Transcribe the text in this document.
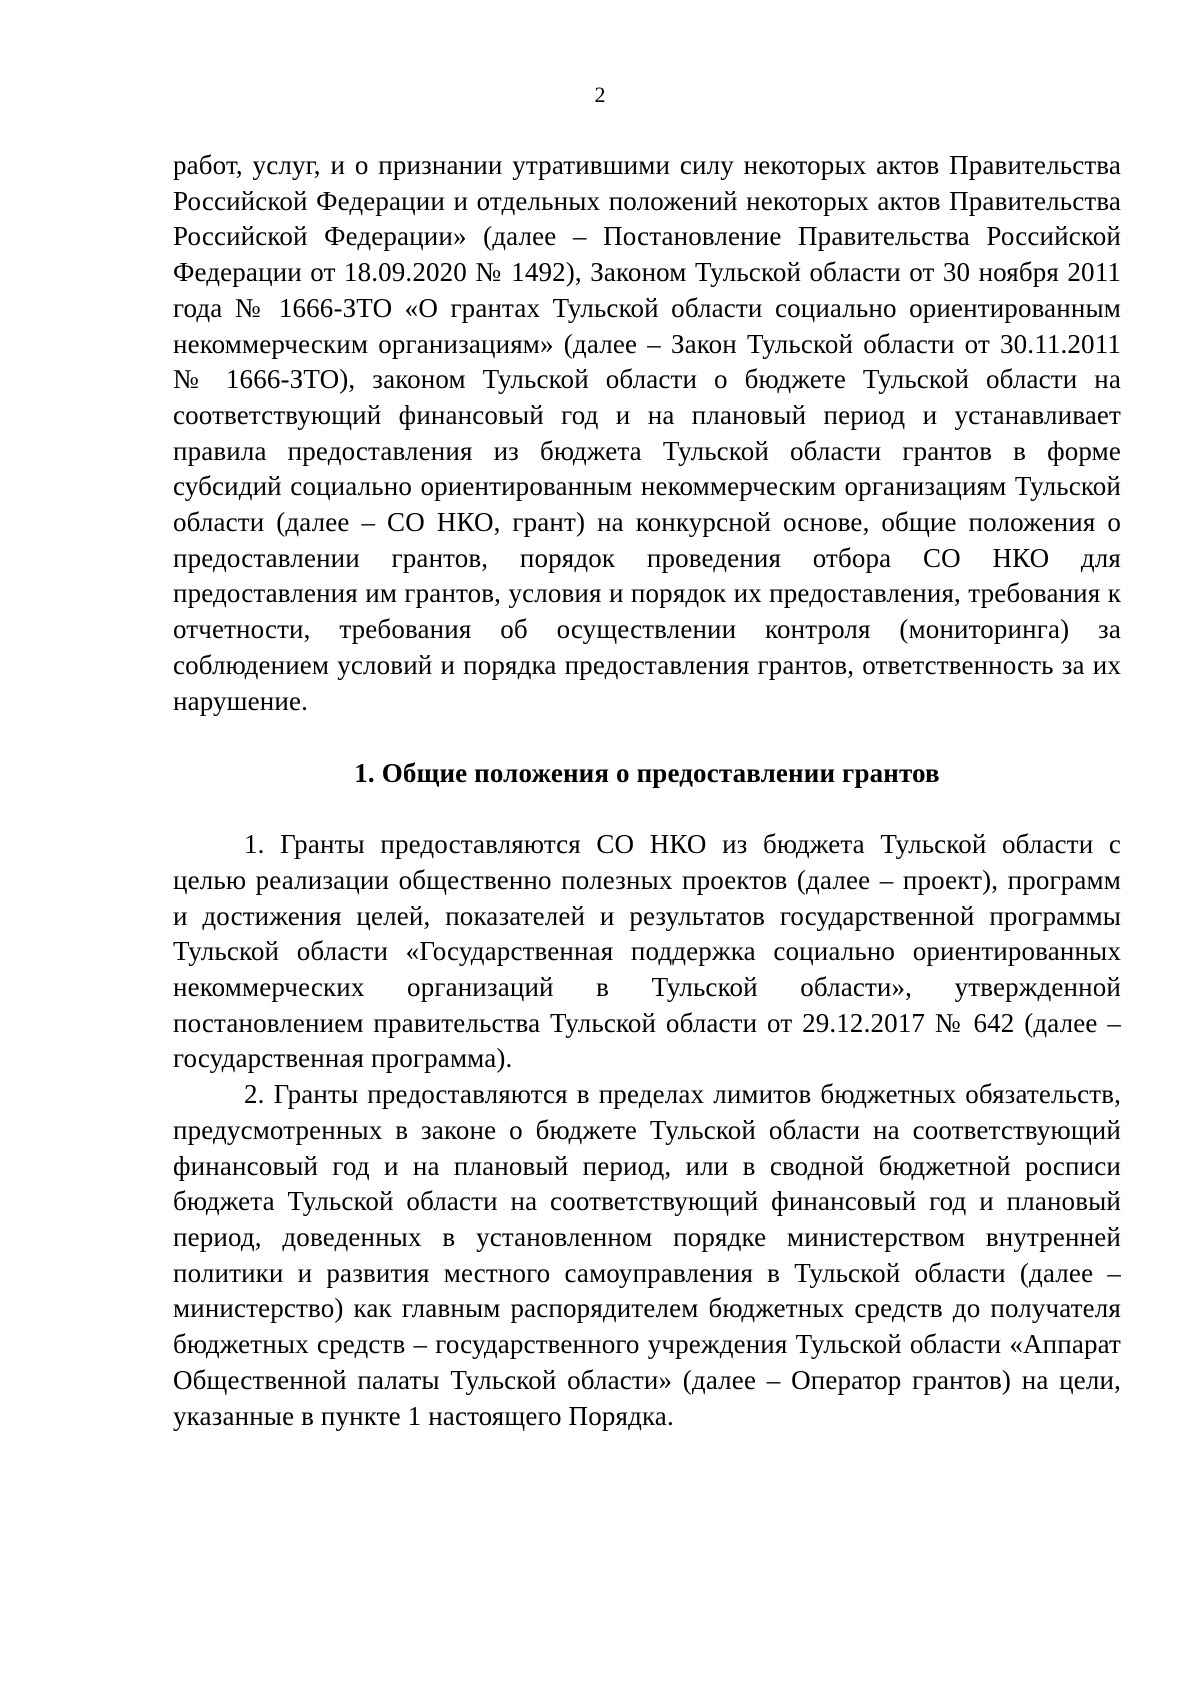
2

работ, услуг, и о признании утратившими силу некоторых актов Правительства Российской Федерации и отдельных положений некоторых актов Правительства Российской Федерации» (далее – Постановление Правительства Российской Федерации от 18.09.2020 № 1492), Законом Тульской области от 30 ноября 2011 года № 1666-ЗТО «О грантах Тульской области социально ориентированным некоммерческим организациям» (далее – Закон Тульской области от 30.11.2011 № 1666-ЗТО), законом Тульской области о бюджете Тульской области на соответствующий финансовый год и на плановый период и устанавливает правила предоставления из бюджета Тульской области грантов в форме субсидий социально ориентированным некоммерческим организациям Тульской области (далее – СО НКО, грант) на конкурсной основе, общие положения о предоставлении грантов, порядок проведения отбора СО НКО для предоставления им грантов, условия и порядок их предоставления, требования к отчетности, требования об осуществлении контроля (мониторинга) за соблюдением условий и порядка предоставления грантов, ответственность за их нарушение.

1. Общие положения о предоставлении грантов

1. Гранты предоставляются СО НКО из бюджета Тульской области с целью реализации общественно полезных проектов (далее – проект), программ и достижения целей, показателей и результатов государственной программы Тульской области «Государственная поддержка социально ориентированных некоммерческих организаций в Тульской области», утвержденной постановлением правительства Тульской области от 29.12.2017 № 642 (далее – государственная программа).

2. Гранты предоставляются в пределах лимитов бюджетных обязательств, предусмотренных в законе о бюджете Тульской области на соответствующий финансовый год и на плановый период, или в сводной бюджетной росписи бюджета Тульской области на соответствующий финансовый год и плановый период, доведенных в установленном порядке министерством внутренней политики и развития местного самоуправления в Тульской области (далее – министерство) как главным распорядителем бюджетных средств до получателя бюджетных средств – государственного учреждения Тульской области «Аппарат Общественной палаты Тульской области» (далее – Оператор грантов) на цели, указанные в пункте 1 настоящего Порядка.
